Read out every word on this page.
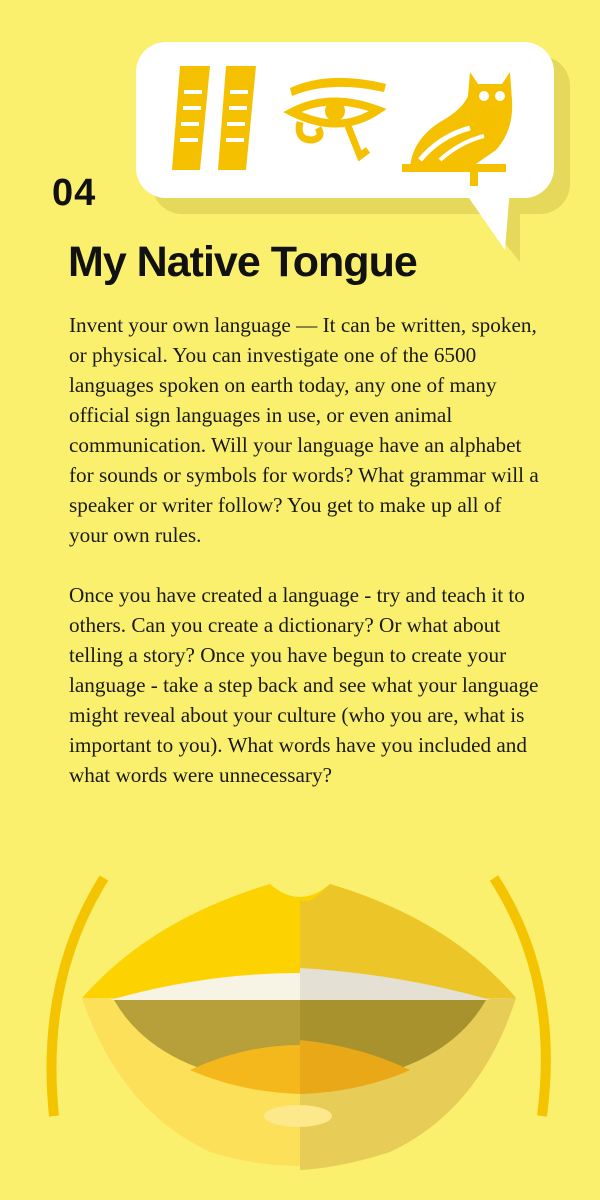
04
My Native Tongue

Invent your own language — It can be written, spoken, or physical. You can investigate one of the 6500 languages spoken on earth today, any one of many official sign languages in use, or even animal communication. Will your language have an alphabet for sounds or symbols for words? What grammar will a speaker or writer follow? You get to make up all of your own rules.

Once you have created a language - try and teach it to others. Can you create a dictionary? Or what about telling a story? Once you have begun to create your language - take a step back and see what your language might reveal about your culture (who you are, what is important to you). What words have you included and what words were unnecessary?
